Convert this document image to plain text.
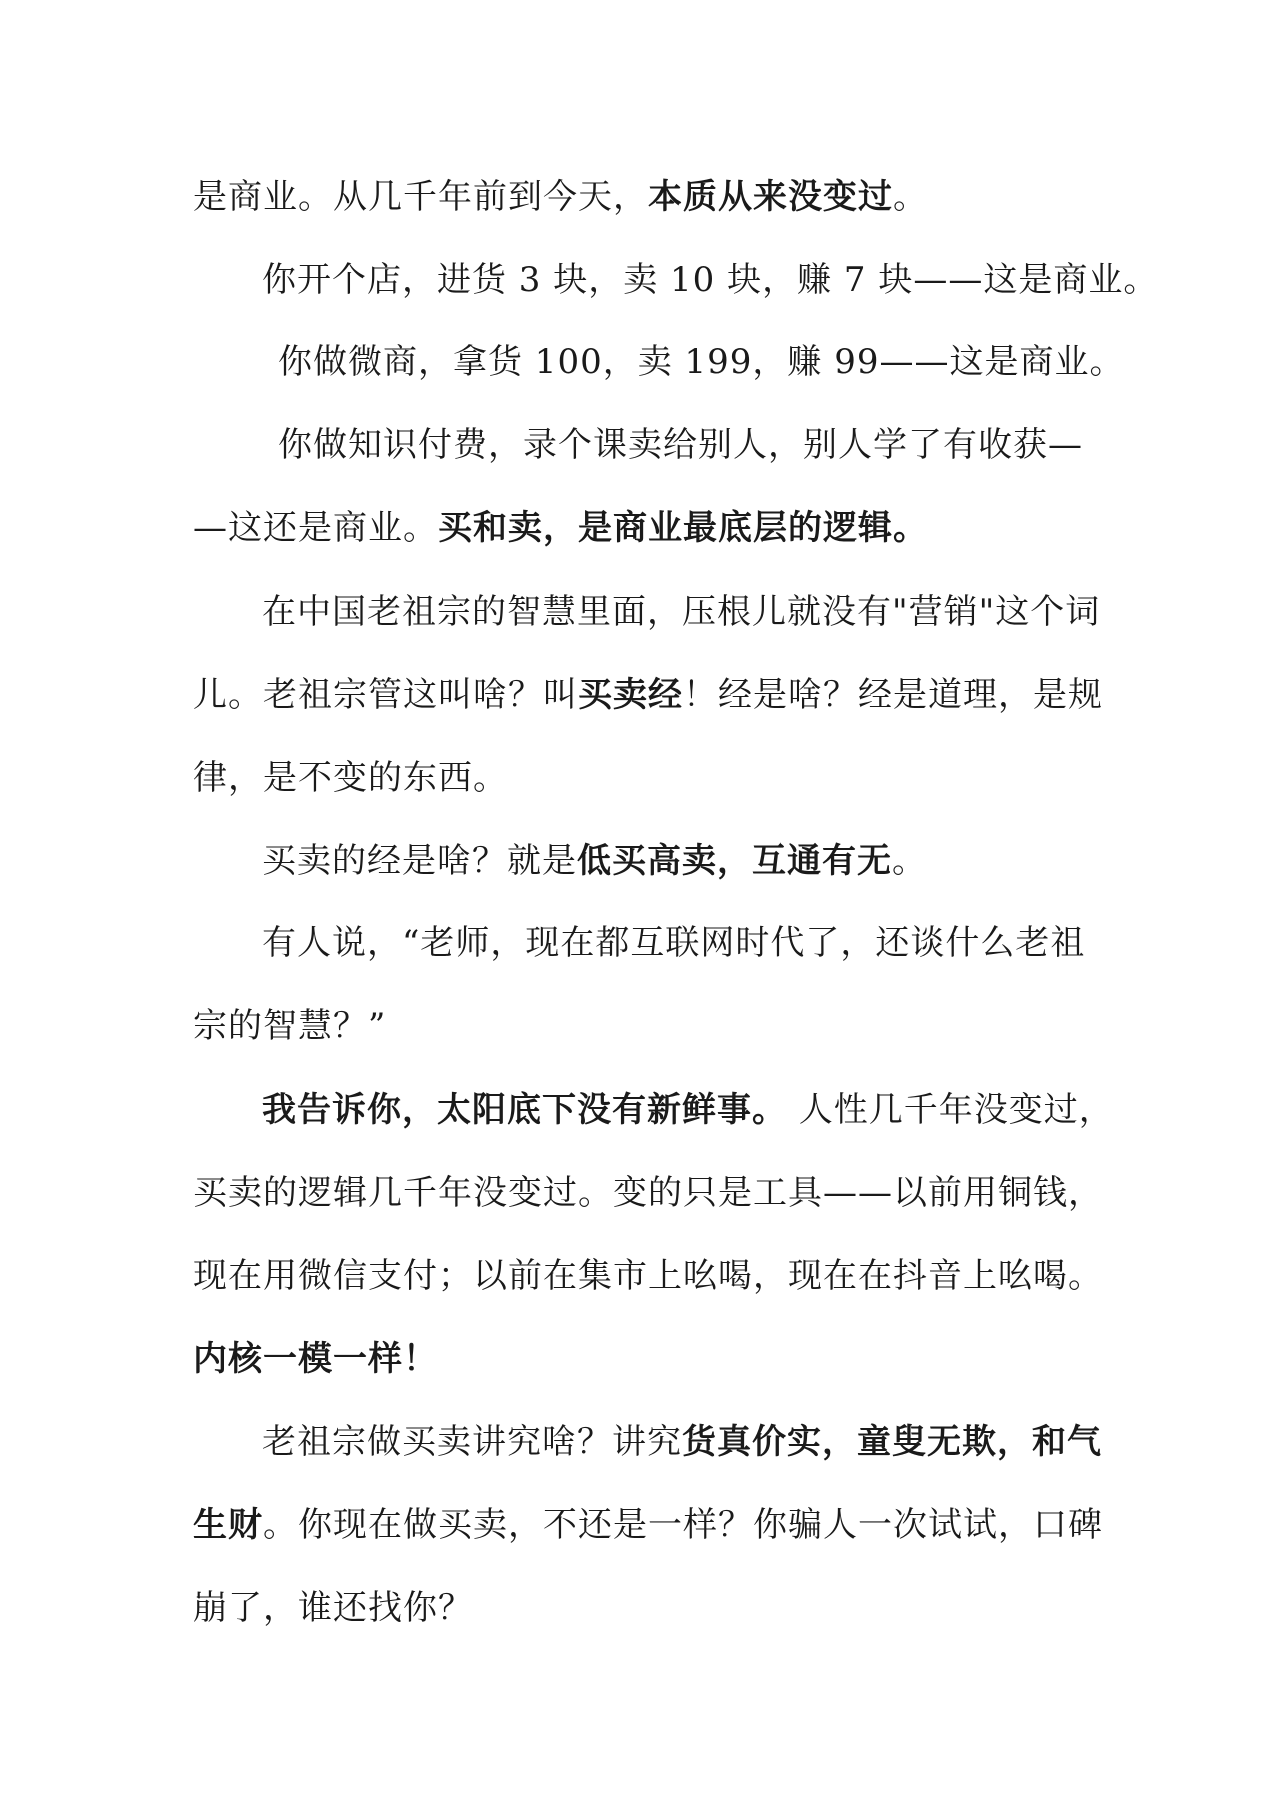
是商业。从几千年前到今天，本质从来没变过。
你开个店，进货 3 块，卖 10 块，赚 7 块——这是商业。
你做微商，拿货 100，卖 199，赚 99——这是商业。
你做知识付费，录个课卖给别人，别人学了有收获—
—这还是商业。买和卖，是商业最底层的逻辑。
在中国老祖宗的智慧里面，压根儿就没有"营销"这个词
儿。老祖宗管这叫啥？叫买卖经！经是啥？经是道理，是规
律，是不变的东西。
买卖的经是啥？就是低买高卖，互通有无。
有人说，“老师，现在都互联网时代了，还谈什么老祖
宗的智慧？”
我告诉你，太阳底下没有新鲜事。 人性几千年没变过，
买卖的逻辑几千年没变过。变的只是工具——以前用铜钱，
现在用微信支付；以前在集市上吆喝，现在在抖音上吆喝。
内核一模一样！
老祖宗做买卖讲究啥？讲究货真价实，童叟无欺，和气
生财。你现在做买卖，不还是一样？你骗人一次试试，口碑
崩了，谁还找你？
